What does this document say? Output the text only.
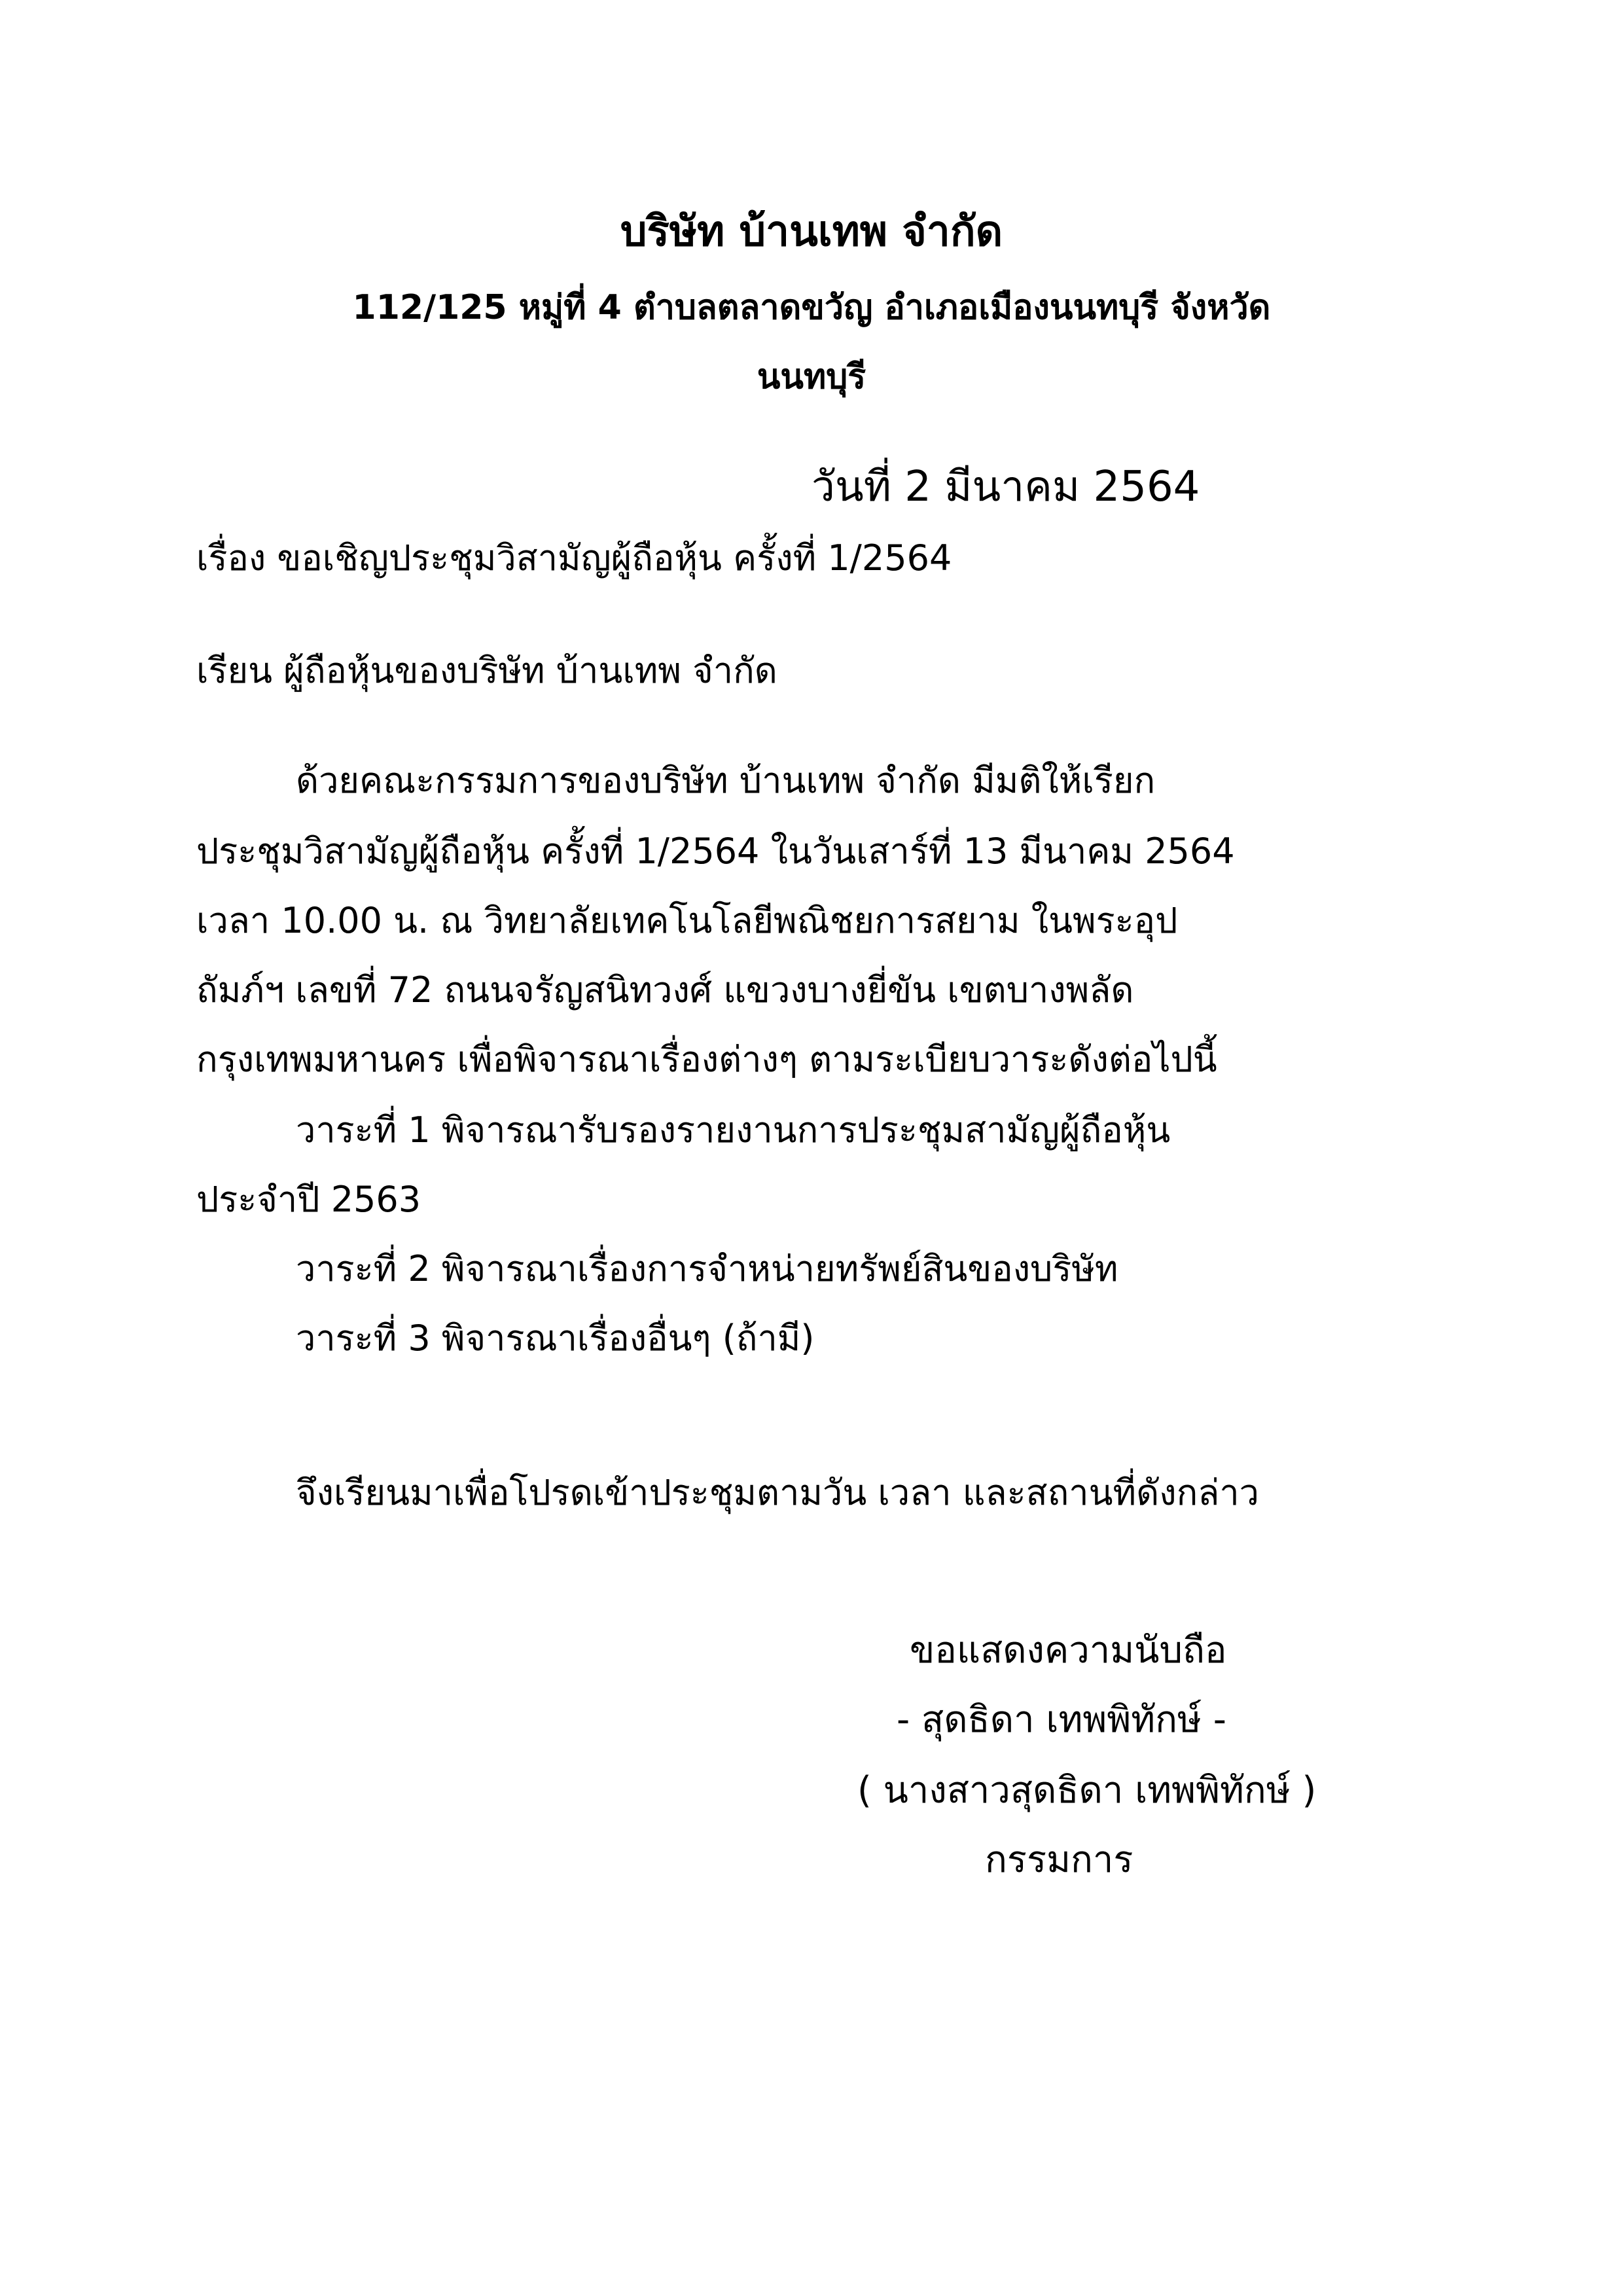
บริษัท บ้านเทพ จำกัด
112/125 หมู่ที่ 4 ตำบลตลาดขวัญ อำเภอเมืองนนทบุรี จังหวัด
นนทบุรี
วันที่ 2 มีนาคม 2564
เรื่อง ขอเชิญประชุมวิสามัญผู้ถือหุ้น ครั้งที่ 1/2564
เรียน ผู้ถือหุ้นของบริษัท บ้านเทพ จำกัด
ด้วยคณะกรรมการของบริษัท บ้านเทพ จำกัด มีมติให้เรียก
ประชุมวิสามัญผู้ถือหุ้น ครั้งที่ 1/2564 ในวันเสาร์ที่ 13 มีนาคม 2564
เวลา 10.00 น. ณ วิทยาลัยเทคโนโลยีพณิชยการสยาม ในพระอุป
ถัมภ์ฯ เลขที่ 72 ถนนจรัญสนิทวงศ์ แขวงบางยี่ขัน เขตบางพลัด
กรุงเทพมหานคร เพื่อพิจารณาเรื่องต่างๆ ตามระเบียบวาระดังต่อไปนี้
วาระที่ 1 พิจารณารับรองรายงานการประชุมสามัญผู้ถือหุ้น
ประจำปี 2563
วาระที่ 2 พิจารณาเรื่องการจำหน่ายทรัพย์สินของบริษัท
วาระที่ 3 พิจารณาเรื่องอื่นๆ (ถ้ามี)
จึงเรียนมาเพื่อโปรดเข้าประชุมตามวัน เวลา และสถานที่ดังกล่าว
ขอแสดงความนับถือ
- สุดธิดา เทพพิทักษ์ -
( นางสาวสุดธิดา เทพพิทักษ์ )
กรรมการ
